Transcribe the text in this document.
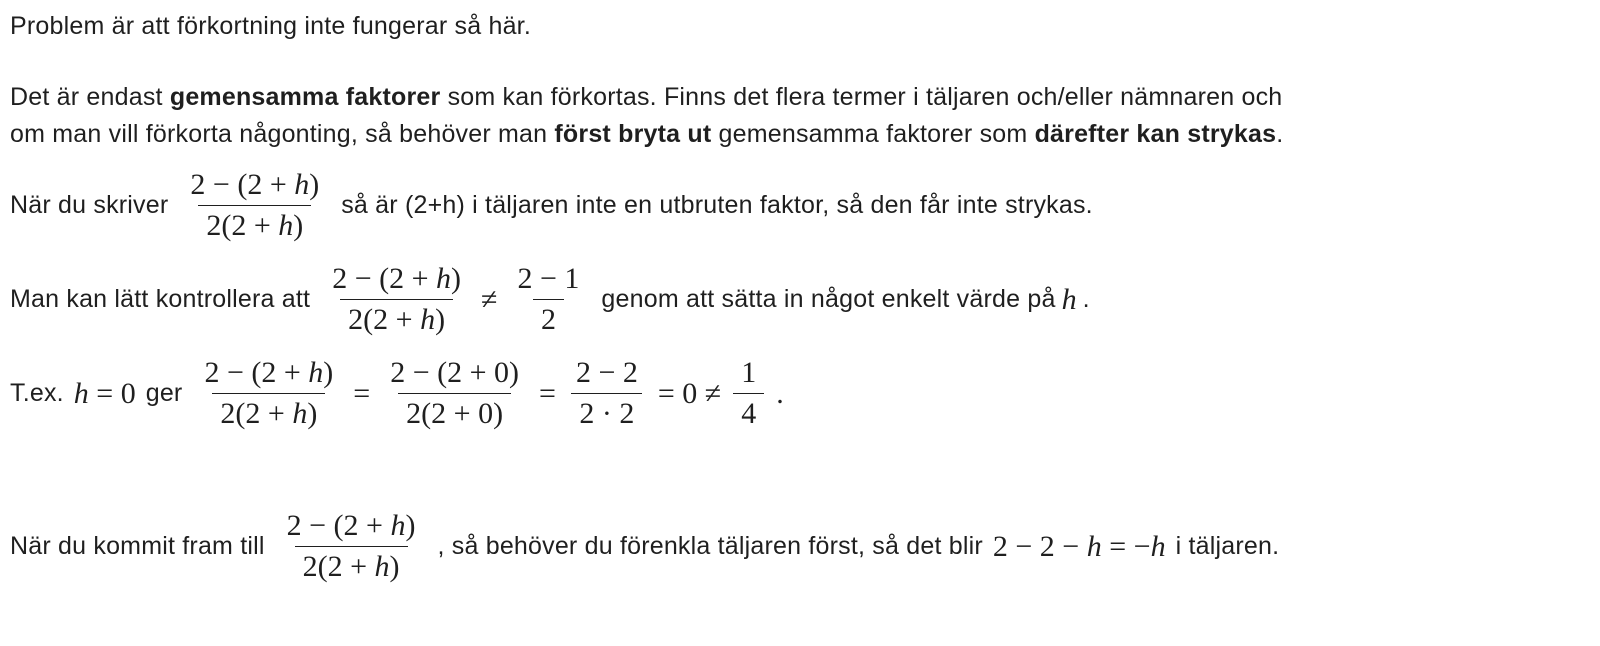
Problem är att förkortning inte fungerar så här.

Det är endast gemensamma faktorer som kan förkortas. Finns det flera termer i täljaren och/eller nämnaren och

om man vill förkorta någonting, så behöver man först bryta ut gemensamma faktorer som därefter kan strykas.

När du skriver $\frac{2 - (2 + h)}{2(2 + h)}$ så är (2+h) i täljaren inte en utbruten faktor, så den får inte strykas.
Man kan lätt kontrollera att $\frac{2 - (2 + h)}{2(2 + h)} \ne \frac{2 - 1}{2}$ genom att sätta in något enkelt värde på h .
T.ex. h = 0 ger $\frac{2 - (2 + h)}{2(2 + h)} = \frac{2 - (2 + 0)}{2(2 + 0)} = \frac{2 - 2}{2 \cdot 2} = 0 \ne \frac{1}{4}$ .
När du kommit fram till $\frac{2 - (2 + h)}{2(2 + h)}$ , så behöver du förenkla täljaren först, så det blir 2 − 2 − h = −h i täljaren.
